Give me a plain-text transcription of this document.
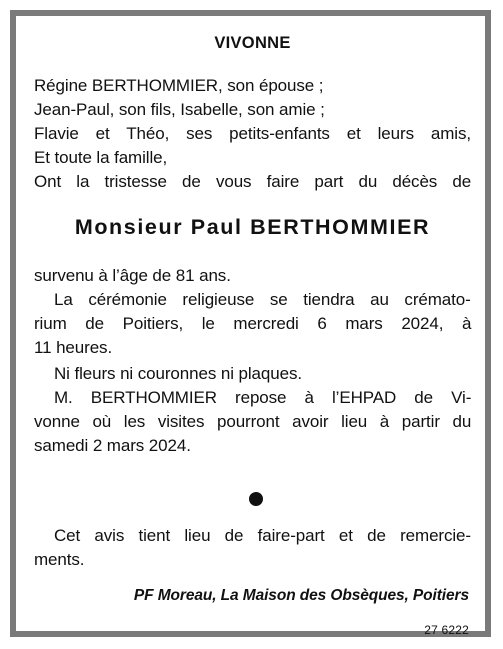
VIVONNE
Régine BERTHOMMIER, son épouse ;
Jean-Paul, son fils, Isabelle, son amie ;
Flavie et Théo, ses petits-enfants et leurs amis,
Et toute la famille,
Ont la tristesse de vous faire part du décès de
Monsieur Paul BERTHOMMIER
survenu à l’âge de 81 ans.
La cérémonie religieuse se tiendra au crémato-
rium de Poitiers, le mercredi 6 mars 2024, à
11 heures.
Ni fleurs ni couronnes ni plaques.
M. BERTHOMMIER repose à l’EHPAD de Vi-
vonne où les visites pourront avoir lieu à partir du
samedi 2 mars 2024.
Cet avis tient lieu de faire-part et de remercie-
ments.
PF Moreau, La Maison des Obsèques, Poitiers
27 6222
